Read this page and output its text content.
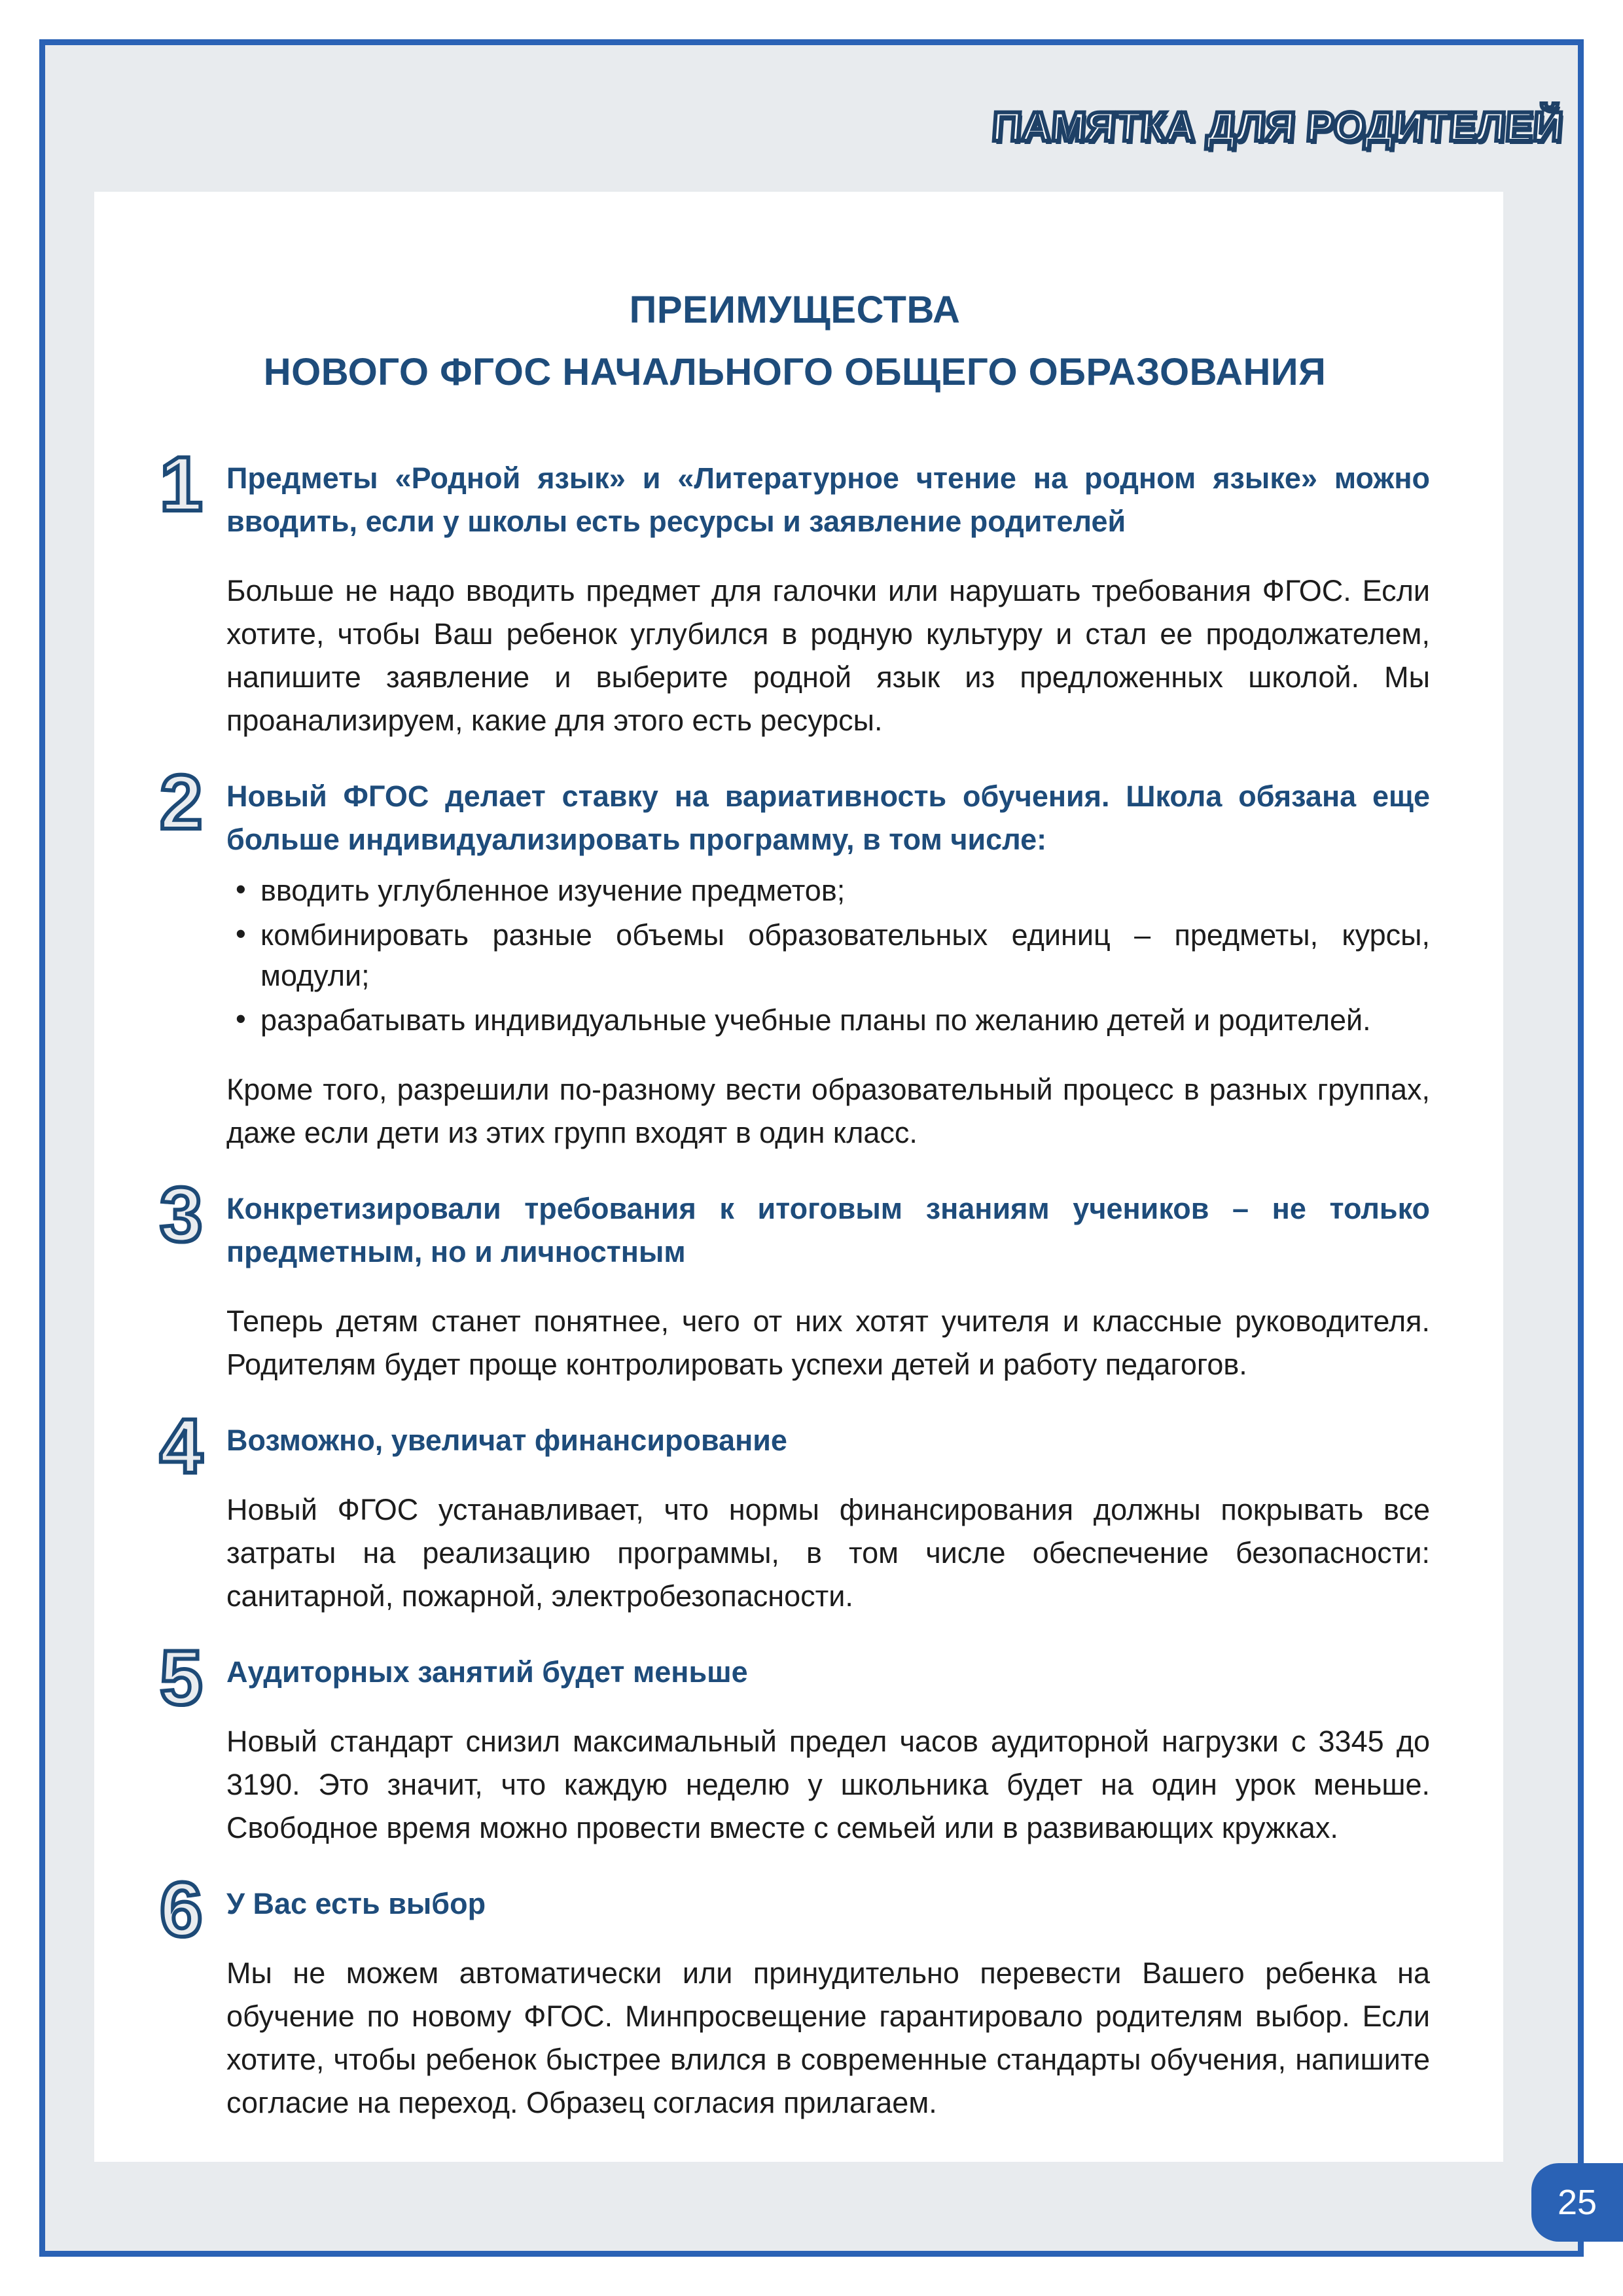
ПАМЯТКА ДЛЯ РОДИТЕЛЕЙ
ПРЕИМУЩЕСТВА
НОВОГО ФГОС НАЧАЛЬНОГО ОБЩЕГО ОБРАЗОВАНИЯ
1 Предметы «Родной язык» и «Литературное чтение на родном языке» можно вводить, если у школы есть ресурсы и заявление родителей

Больше не надо вводить предмет для галочки или нарушать требования ФГОС. Если хотите, чтобы Ваш ребенок углубился в родную культуру и стал ее продолжателем, напишите заявление и выберите родной язык из предложенных школой. Мы проанализируем, какие для этого есть ресурсы.

2 Новый ФГОС делает ставку на вариативность обучения. Школа обязана еще больше индивидуализировать программу, в том числе:
• вводить углубленное изучение предметов;
• комбинировать разные объемы образовательных единиц – предметы, курсы, модули;
• разрабатывать индивидуальные учебные планы по желанию детей и родителей.

Кроме того, разрешили по-разному вести образовательный процесс в разных группах, даже если дети из этих групп входят в один класс.

3 Конкретизировали требования к итоговым знаниям учеников – не только предметным, но и личностным

Теперь детям станет понятнее, чего от них хотят учителя и классные руководителя. Родителям будет проще контролировать успехи детей и работу педагогов.

4 Возможно, увеличат финансирование

Новый ФГОС устанавливает, что нормы финансирования должны покрывать все затраты на реализацию программы, в том числе обеспечение безопасности: санитарной, пожарной, электробезопасности.

5 Аудиторных занятий будет меньше

Новый стандарт снизил максимальный предел часов аудиторной нагрузки с 3345 до 3190. Это значит, что каждую неделю у школьника будет на один урок меньше. Свободное время можно провести вместе с семьей или в развивающих кружках.

6 У Вас есть выбор

Мы не можем автоматически или принудительно перевести Вашего ребенка на обучение по новому ФГОС. Минпросвещение гарантировало родителям выбор. Если хотите, чтобы ребенок быстрее влился в современные стандарты обучения, напишите согласие на переход. Образец согласия прилагаем.

25
